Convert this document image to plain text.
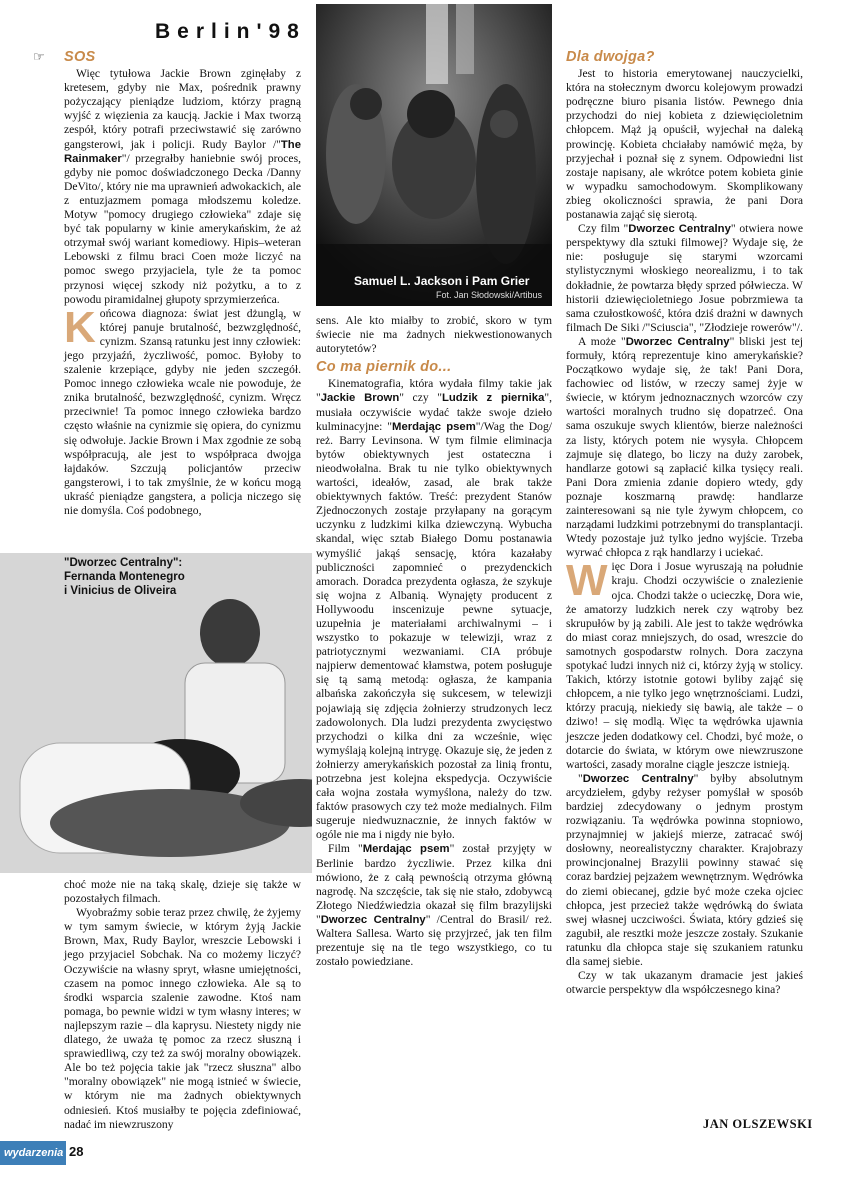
Berlin'98
☞
Samuel L. Jackson i Pam Grier
Fot. Jan Słodowski/Artibus
"Dworzec Centralny":
Fernanda Montenegro
i Vinicius de Oliveira
SOS

Więc tytułowa Jackie Brown zginęłaby z kretesem, gdyby nie Max, pośrednik prawny pożyczający pieniądze ludziom, którzy pragną wyjść z więzienia za kaucją. Jackie i Max tworzą zespół, który potrafi przeciwstawić się zarówno gangsterowi, jak i policji. Rudy Baylor /"The Rainmaker"/ przegrałby haniebnie swój proces, gdyby nie pomoc doświadczonego Decka /Danny DeVito/, który nie ma uprawnień adwokackich, ale z entuzjazmem pomaga młodszemu koledze. Motyw "pomocy drugiego człowieka" zdaje się być tak popularny w kinie amerykańskim, że aż otrzymał swój wariant komediowy. Hipis–weteran Lebowski z filmu braci Coen może liczyć na pomoc swego przyjaciela, tyle że ta pomoc przynosi więcej szkody niż pożytku, a to z powodu piramidalnej głupoty sprzymierzeńca.

Końcowa diagnoza: świat jest dżunglą, w której panuje brutalność, bezwzględność, cynizm. Szansą ratunku jest inny człowiek: jego przyjaźń, życzliwość, pomoc. Byłoby to szalenie krzepiące, gdyby nie jeden szczegół. Pomoc innego człowieka wcale nie powoduje, że znika brutalność, bezwzględność, cynizm. Wręcz przeciwnie! Ta pomoc innego człowieka bardzo często właśnie na cynizmie się opiera, do cynizmu się odwołuje. Jackie Brown i Max zgodnie ze sobą współpracują, ale jest to współpraca dwojga łajdaków. Szczują policjantów przeciw gangsterowi, i to tak zmyślnie, że w końcu mogą ukraść pieniądze gangstera, a policja niczego się nie domyśla. Coś podobnego,

choć może nie na taką skalę, dzieje się także w pozostałych filmach.

Wyobraźmy sobie teraz przez chwilę, że żyjemy w tym samym świecie, w którym żyją Jackie Brown, Max, Rudy Baylor, wreszcie Lebowski i jego przyjaciel Sobchak. Na co możemy liczyć? Oczywiście na własny spryt, własne umiejętności, czasem na pomoc innego człowieka. Ale są to środki wsparcia szalenie zawodne. Ktoś nam pomaga, bo pewnie widzi w tym własny interes; w najlepszym razie – dla kaprysu. Niestety nigdy nie dlatego, że uważa tę pomoc za rzecz słuszną i sprawiedliwą, czy też za swój moralny obowiązek. Ale bo też pojęcia takie jak "rzecz słuszna" albo "moralny obowiązek" nie mogą istnieć w świecie, w którym nie ma żadnych obiektywnych odniesień. Ktoś musiałby te pojęcia zdefiniować, nadać im niewzruszony

sens. Ale kto miałby to zrobić, skoro w tym świecie nie ma żadnych niekwestionowanych autorytetów?

Co ma piernik do...

Kinematografia, która wydała filmy takie jak "Jackie Brown" czy "Ludzik z piernika", musiała oczywiście wydać także swoje dzieło kulminacyjne: "Merdając psem"/Wag the Dog/ reż. Barry Levinsona. W tym filmie eliminacja bytów obiektywnych jest ostateczna i nieodwołalna. Brak tu nie tylko obiektywnych wartości, ideałów, zasad, ale brak także obiektywnych faktów. Treść: prezydent Stanów Zjednoczonych zostaje przyłapany na gorącym uczynku z ludzkimi kilka dziewczyną. Wybucha skandal, więc sztab Białego Domu postanawia wymyślić jakąś sensację, która kazałaby publiczności zapomnieć o prezydenckich amorach. Doradca prezydenta ogłasza, że szykuje się wojna z Albanią. Wynajęty producent z Hollywoodu inscenizuje pewne sytuacje, uzupełnia je materiałami archiwalnymi – i wszystko to pokazuje w telewizji, wraz z patriotycznymi wezwaniami. CIA próbuje najpierw dementować kłamstwa, potem posługuje się tą samą metodą: ogłasza, że kampania albańska zakończyła się sukcesem, w telewizji pojawiają się zdjęcia żołnierzy strudzonych lecz zadowolonych. Dla ludzi prezydenta zwycięstwo przychodzi o kilka dni za wcześnie, więc wymyślają kolejną intrygę. Okazuje się, że jeden z żołnierzy amerykańskich pozostał za linią frontu, potrzebna jest kolejna ekspedycja. Oczywiście cała wojna została wymyślona, należy do tzw. faktów prasowych czy też może medialnych. Film sugeruje niedwuznacznie, że innych faktów w ogóle nie ma i nigdy nie było.

Film "Merdając psem" został przyjęty w Berlinie bardzo życzliwie. Przez kilka dni mówiono, że z całą pewnością otrzyma główną nagrodę. Na szczęście, tak się nie stało, zdobywcą Złotego Niedźwiedzia okazał się film brazylijski "Dworzec Centralny" /Central do Brasil/ reż. Waltera Sallesa. Warto się przyjrzeć, jak ten film prezentuje się na tle tego wszystkiego, co tu zostało powiedziane.

Dla dwojga?

Jest to historia emerytowanej nauczycielki, która na stołecznym dworcu kolejowym prowadzi podręczne biuro pisania listów. Pewnego dnia przychodzi do niej kobieta z dziewięcioletnim chłopcem. Mąż ją opuścił, wyjechał na daleką prowincję. Kobieta chciałaby namówić męża, by przyjechał i poznał się z synem. Odpowiedni list zostaje napisany, ale wkrótce potem kobieta ginie w wypadku samochodowym. Skomplikowany zbieg okoliczności sprawia, że pani Dora postanawia zająć się sierotą.

Czy film "Dworzec Centralny" otwiera nowe perspektywy dla sztuki filmowej? Wydaje się, że nie: posługuje się starymi wzorcami stylistycznymi włoskiego neorealizmu, i to tak dokładnie, że powtarza błędy sprzed półwiecza. W historii dziewięcioletniego Josue pobrzmiewa ta sama czułostkowość, która dziś drażni w dawnych filmach De Siki /"Sciuscia", "Złodzieje rowerów"/.

A może "Dworzec Centralny" bliski jest tej formuły, którą reprezentuje kino amerykańskie? Początkowo wydaje się, że tak! Pani Dora, fachowiec od listów, w rzeczy samej żyje w świecie, w którym jednoznacznych wzorców czy wartości moralnych trudno się dopatrzeć. Ona sama oszukuje swych klientów, bierze należności za listy, których potem nie wysyła. Chłopcem zajmuje się dlatego, bo liczy na duży zarobek, handlarze gotowi są zapłacić kilka tysięcy reali. Pani Dora zmienia zdanie dopiero wtedy, gdy poznaje koszmarną prawdę: handlarze zainteresowani są nie tyle żywym chłopcem, co narządami ludzkimi potrzebnymi do transplantacji. Wtedy pozostaje już tylko jedno wyjście. Trzeba wyrwać chłopca z rąk handlarzy i uciekać.

Więc Dora i Josue wyruszają na południe kraju. Chodzi oczywiście o znalezienie ojca. Chodzi także o ucieczkę, Dora wie, że amatorzy ludzkich nerek czy wątroby bez skrupułów by ją zabili. Ale jest to także wędrówka do miast coraz mniejszych, do osad, wreszcie do samotnych gospodarstw rolnych. Dora zaczyna spotykać ludzi innych niż ci, którzy żyją w stolicy. Takich, którzy istotnie gotowi byliby zająć się chłopcem, a nie tylko jego wnętrznościami. Ludzi, którzy pracują, niekiedy się bawią, ale także – o dziwo! – się modlą. Więc ta wędrówka ujawnia jeszcze jeden dodatkowy cel. Chodzi, być może, o dotarcie do świata, w którym owe niewzruszone wartości, zasady moralne ciągle jeszcze istnieją.

"Dworzec Centralny" byłby absolutnym arcydziełem, gdyby reżyser pomyślał w sposób bardziej zdecydowany o jednym prostym rozwiązaniu. Ta wędrówka powinna stopniowo, przynajmniej w jakiejś mierze, zatracać swój dosłowny, neorealistyczny charakter. Krajobrazy prowincjonalnej Brazylii powinny stawać się coraz bardziej pejzażem wewnętrznym. Wędrówka do ziemi obiecanej, gdzie być może czeka ojciec chłopca, jest przecież także wędrówką do świata swej własnej uczciwości. Świata, który gdzieś się zagubił, ale resztki może jeszcze zostały. Szukanie ratunku dla chłopca staje się szukaniem ratunku dla samej siebie.

Czy w tak ukazanym dramacie jest jakieś otwarcie perspektyw dla współczesnego kina?

JAN OLSZEWSKI
wydarzenia 28
